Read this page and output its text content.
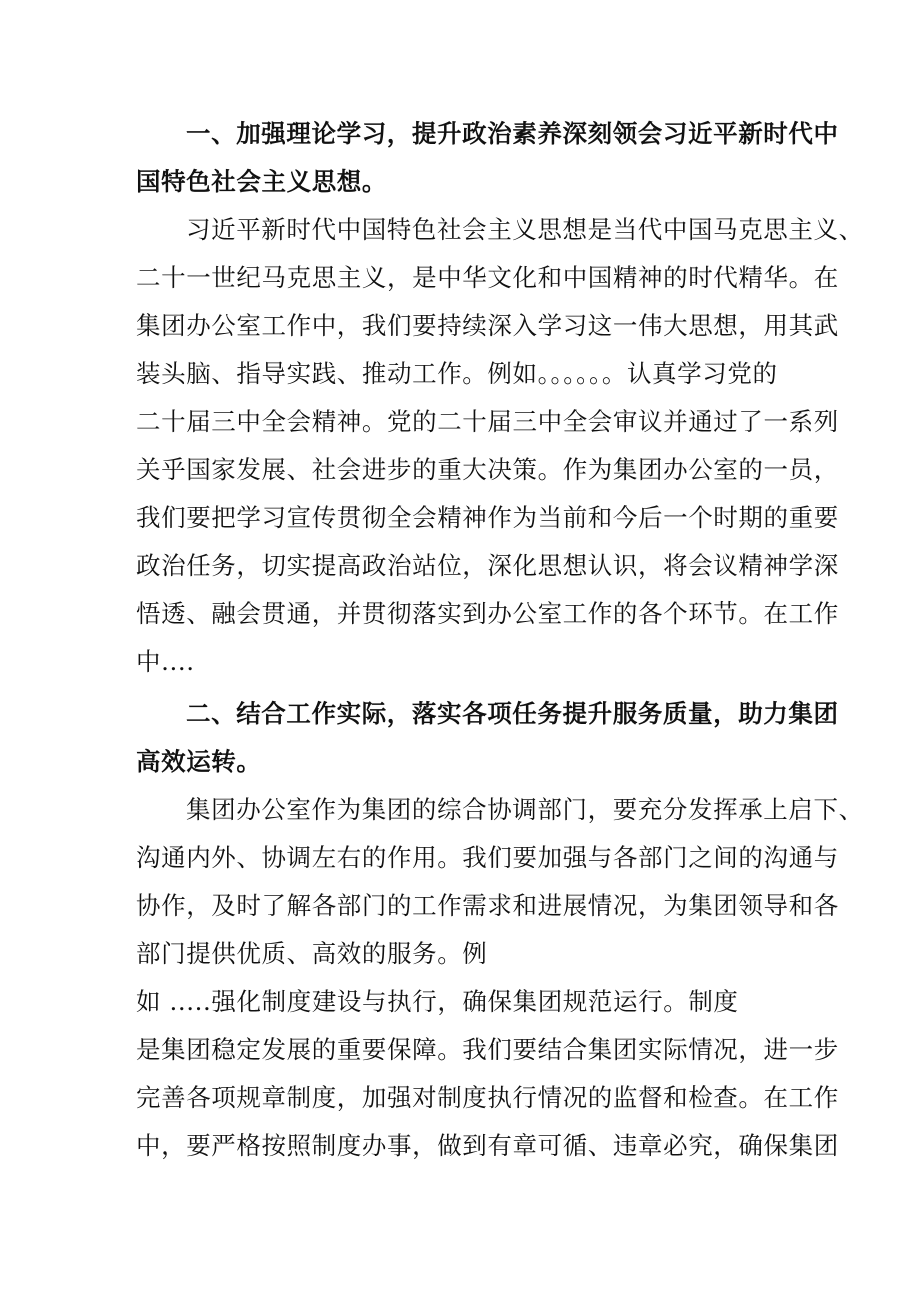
一、加强理论学习，提升政治素养深刻领会习近平新时代中
国特色社会主义思想。
习近平新时代中国特色社会主义思想是当代中国马克思主义、
二十一世纪马克思主义，是中华文化和中国精神的时代精华。在
集团办公室工作中，我们要持续深入学习这一伟大思想，用其武
装头脑、指导实践、推动工作。例如。。。。。。认真学习党的
二十届三中全会精神。党的二十届三中全会审议并通过了一系列
关乎国家发展、社会进步的重大决策。作为集团办公室的一员，
我们要把学习宣传贯彻全会精神作为当前和今后一个时期的重要
政治任务，切实提高政治站位，深化思想认识，将会议精神学深
悟透、融会贯通，并贯彻落实到办公室工作的各个环节。在工作
中....
二、结合工作实际，落实各项任务提升服务质量，助力集团
高效运转。
集团办公室作为集团的综合协调部门，要充分发挥承上启下、
沟通内外、协调左右的作用。我们要加强与各部门之间的沟通与
协作，及时了解各部门的工作需求和进展情况，为集团领导和各
部门提供优质、高效的服务。例
如 .....强化制度建设与执行，确保集团规范运行。制度
是集团稳定发展的重要保障。我们要结合集团实际情况，进一步
完善各项规章制度，加强对制度执行情况的监督和检查。在工作
中，要严格按照制度办事，做到有章可循、违章必究，确保集团
